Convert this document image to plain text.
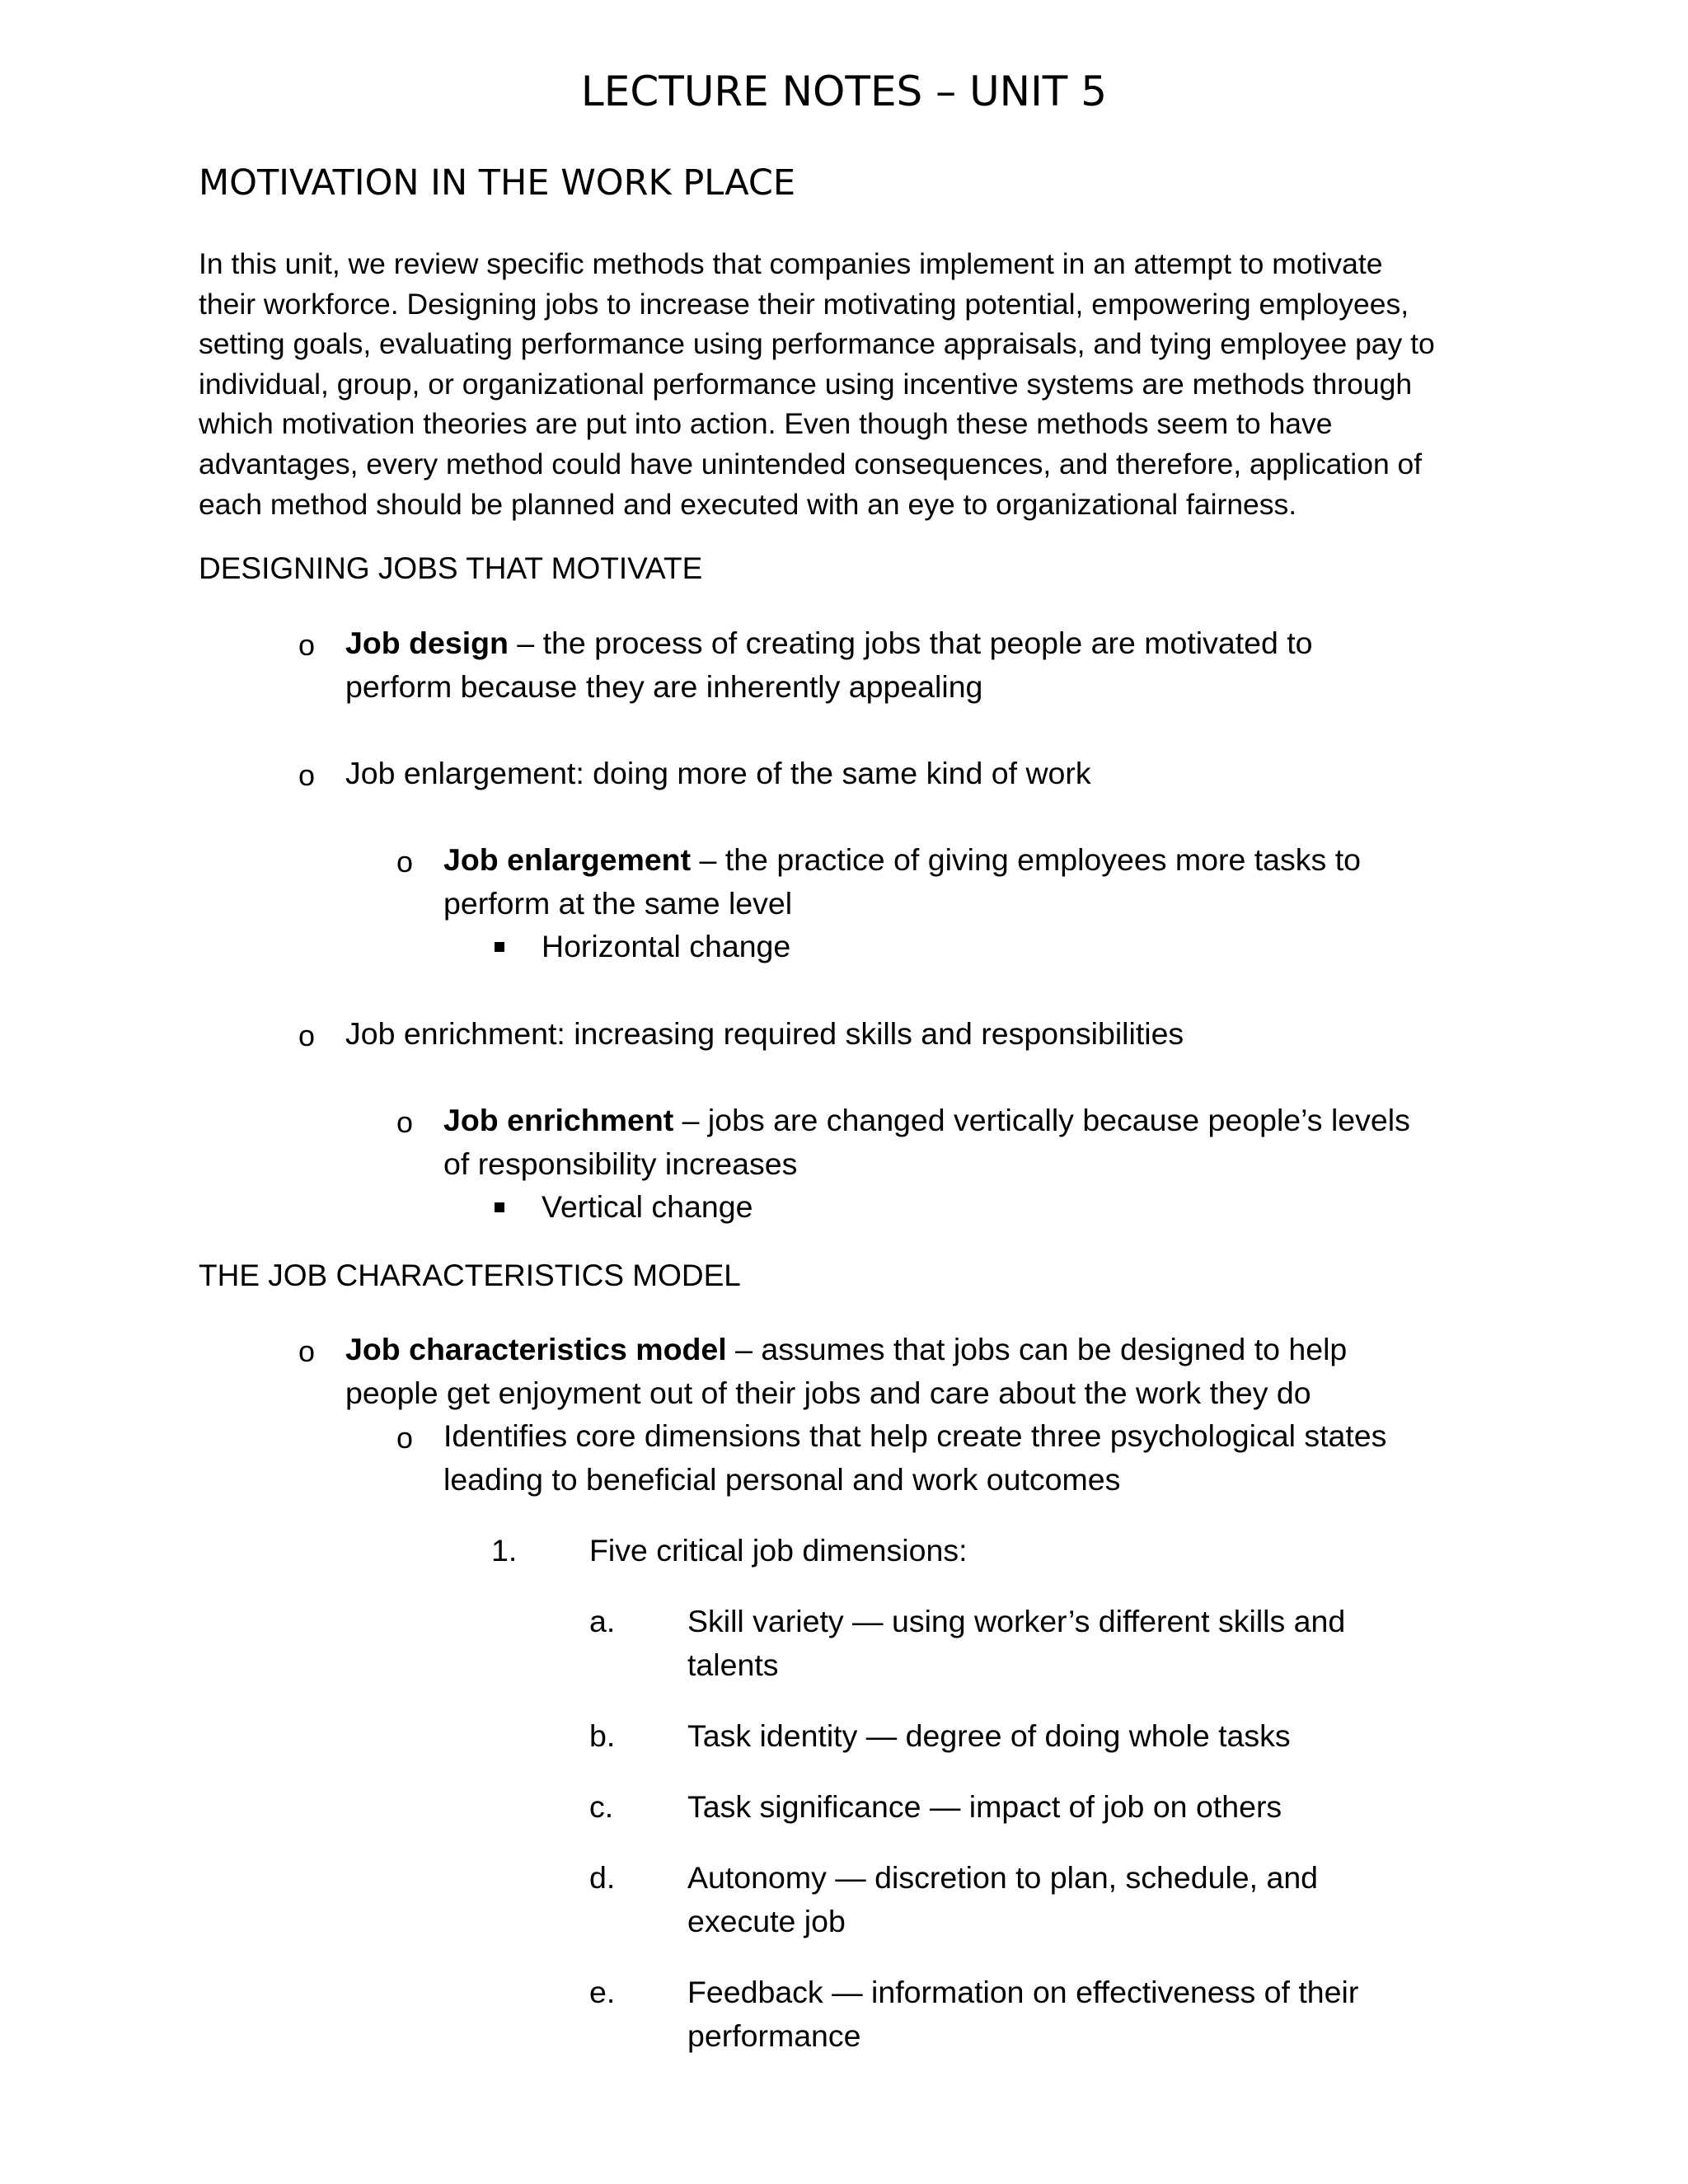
LECTURE NOTES – UNIT 5
MOTIVATION IN THE WORK PLACE
In this unit, we review specific methods that companies implement in an attempt to motivate
their workforce. Designing jobs to increase their motivating potential, empowering employees,
setting goals, evaluating performance using performance appraisals, and tying employee pay to
individual, group, or organizational performance using incentive systems are methods through
which motivation theories are put into action. Even though these methods seem to have
advantages, every method could have unintended consequences, and therefore, application of
each method should be planned and executed with an eye to organizational fairness.
DESIGNING JOBS THAT MOTIVATE
o Job design – the process of creating jobs that people are motivated to
perform because they are inherently appealing
o Job enlargement: doing more of the same kind of work
o Job enlargement – the practice of giving employees more tasks to
perform at the same level
Horizontal change
o Job enrichment: increasing required skills and responsibilities
o Job enrichment – jobs are changed vertically because people’s levels
of responsibility increases
Vertical change
THE JOB CHARACTERISTICS MODEL
o Job characteristics model – assumes that jobs can be designed to help
people get enjoyment out of their jobs and care about the work they do
o Identifies core dimensions that help create three psychological states
leading to beneficial personal and work outcomes
1. Five critical job dimensions:
a. Skill variety — using worker’s different skills and
talents
b. Task identity — degree of doing whole tasks
c. Task significance — impact of job on others
d. Autonomy — discretion to plan, schedule, and
execute job
e. Feedback — information on effectiveness of their
performance
